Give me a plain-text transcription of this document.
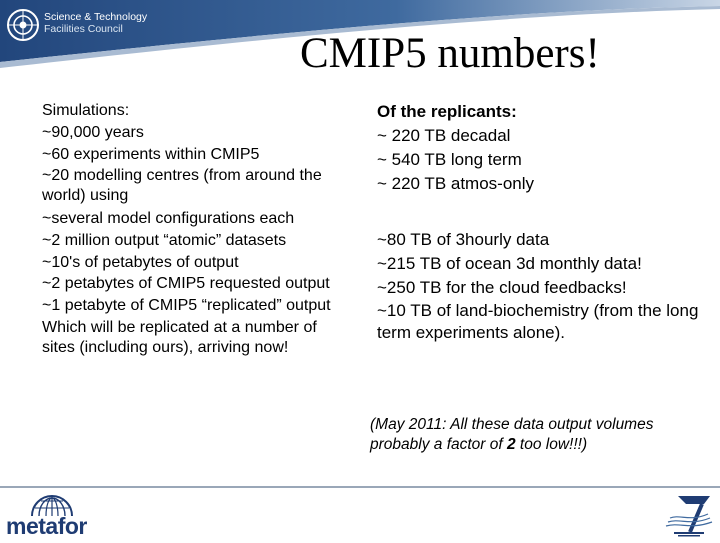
Science & Technology
Facilities Council
CMIP5 numbers!

Simulations:

~90,000 years

~60 experiments within CMIP5

~20 modelling centres (from around the world) using

~several model configurations each

~2 million output “atomic” datasets

~10's of petabytes of output

~2 petabytes of CMIP5 requested output

~1 petabyte of CMIP5 “replicated” output

Which will be replicated at a number of sites (including ours), arriving now!

Of the replicants:

~ 220 TB decadal

~ 540 TB long term

~ 220 TB atmos-only

~80 TB of 3hourly data

~215 TB of ocean 3d monthly data!

~250 TB for the cloud feedbacks!

~10 TB of land-biochemistry (from the long term experiments alone).

(May 2011: All these data output volumes probably a factor of 2 too low!!!)
metafor
